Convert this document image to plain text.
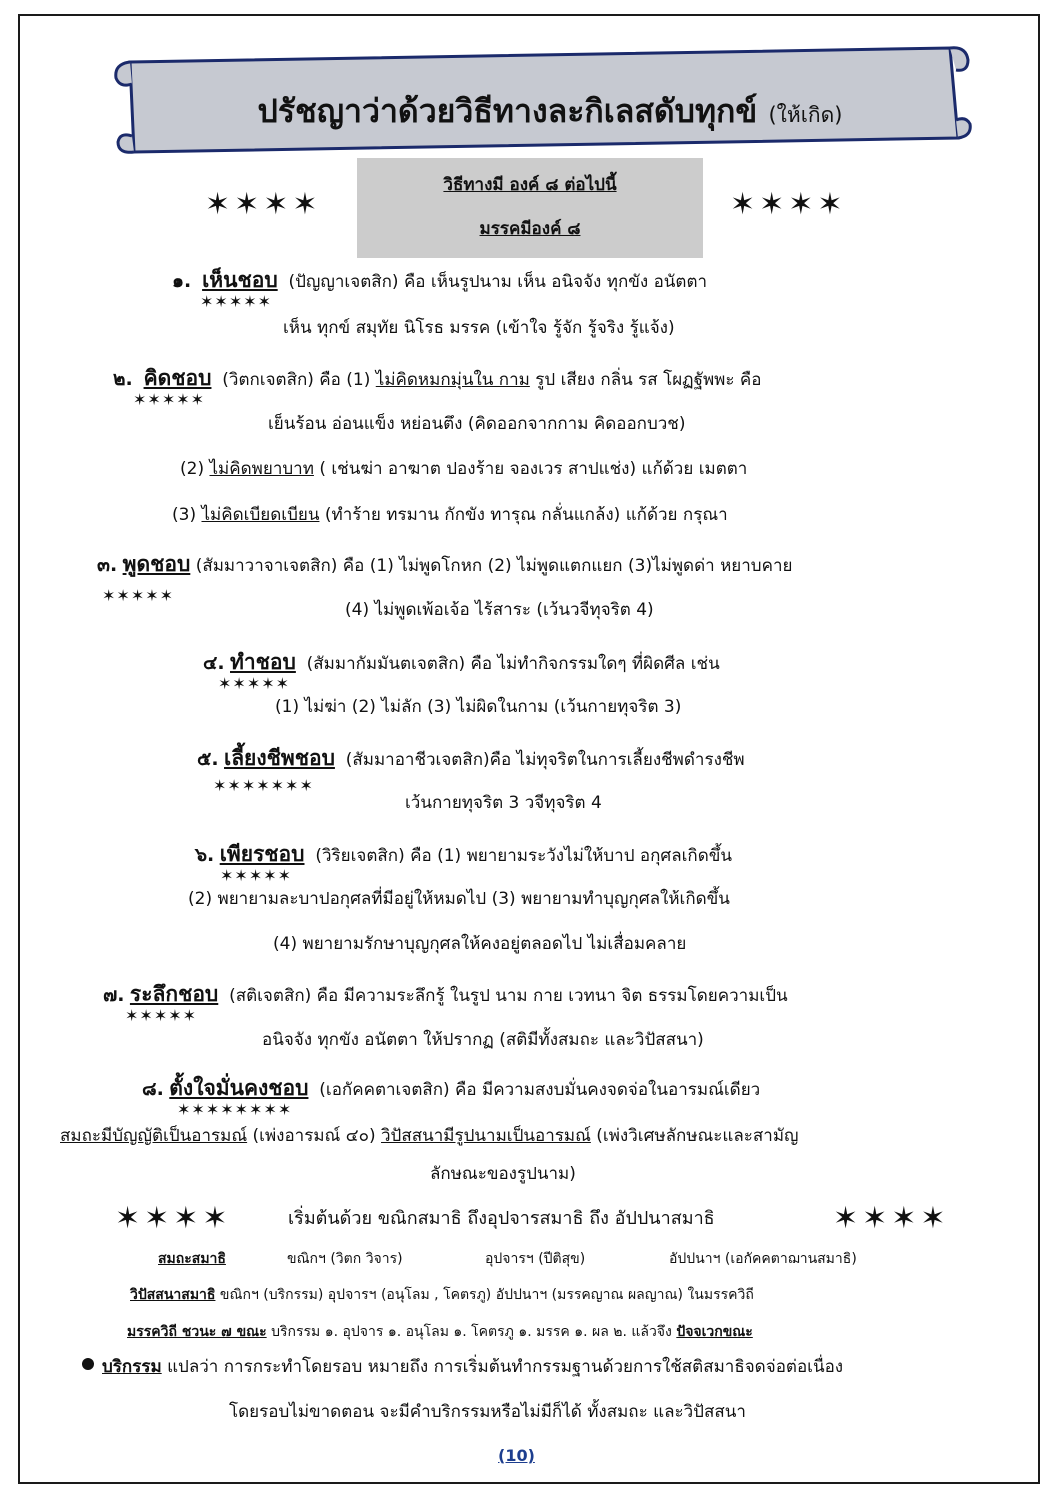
ปรัชญาว่าด้วยวิธีทางละกิเลสดับทุกข์ (ให้เกิด)
✶✶✶✶
วิธีทางมี องค์ ๘ ต่อไปนี้
มรรคมีองค์ ๘
✶✶✶✶
๑. เห็นชอบ (ปัญญาเจตสิก) คือ เห็นรูปนาม เห็น อนิจจัง ทุกขัง อนัตตา
✶✶✶✶✶
เห็น ทุกข์ สมุทัย นิโรธ มรรค (เข้าใจ รู้จัก รู้จริง รู้แจ้ง)
๒. คิดชอบ (วิตกเจตสิก) คือ (1) ไม่คิดหมกมุ่นใน กาม รูป เสียง กลิ่น รส โผฏฐัพพะ คือ
✶✶✶✶✶
เย็นร้อน อ่อนแข็ง หย่อนตึง (คิดออกจากกาม คิดออกบวช)
(2) ไม่คิดพยาบาท ( เช่นฆ่า อาฆาต ปองร้าย จองเวร สาปแช่ง) แก้ด้วย เมตตา
(3) ไม่คิดเบียดเบียน (ทำร้าย ทรมาน กักขัง ทารุณ กลั่นแกล้ง) แก้ด้วย กรุณา
๓. พูดชอบ (สัมมาวาจาเจตสิก) คือ (1) ไม่พูดโกหก (2) ไม่พูดแตกแยก (3)ไม่พูดด่า หยาบคาย
✶✶✶✶✶
(4) ไม่พูดเพ้อเจ้อ ไร้สาระ (เว้นวจีทุจริต 4)
๔. ทำชอบ (สัมมากัมมันตเจตสิก) คือ ไม่ทำกิจกรรมใดๆ ที่ผิดศีล เช่น
✶✶✶✶✶
(1) ไม่ฆ่า (2) ไม่ลัก (3) ไม่ผิดในกาม (เว้นกายทุจริต 3)
๕. เลี้ยงชีพชอบ (สัมมาอาชีวเจตสิก)คือ ไม่ทุจริตในการเลี้ยงชีพดำรงชีพ
✶✶✶✶✶✶✶
เว้นกายทุจริต 3 วจีทุจริต 4
๖. เพียรชอบ (วิริยเจตสิก) คือ (1) พยายามระวังไม่ให้บาป อกุศลเกิดขึ้น
✶✶✶✶✶
(2) พยายามละบาปอกุศลที่มีอยู่ให้หมดไป (3) พยายามทำบุญกุศลให้เกิดขึ้น
(4) พยายามรักษาบุญกุศลให้คงอยู่ตลอดไป ไม่เสื่อมคลาย
๗. ระลึกชอบ (สติเจตสิก) คือ มีความระลึกรู้ ในรูป นาม กาย เวทนา จิต ธรรมโดยความเป็น
✶✶✶✶✶
อนิจจัง ทุกขัง อนัตตา ให้ปรากฏ (สติมีทั้งสมถะ และวิปัสสนา)
๘. ตั้งใจมั่นคงชอบ (เอกัคคตาเจตสิก) คือ มีความสงบมั่นคงจดจ่อในอารมณ์เดียว
✶✶✶✶✶✶✶✶
สมถะมีบัญญัติเป็นอารมณ์ (เพ่งอารมณ์ ๔๐) วิปัสสนามีรูปนามเป็นอารมณ์ (เพ่งวิเศษลักษณะและสามัญ
ลักษณะของรูปนาม)
✶✶✶✶	เริ่มต้นด้วย ขณิกสมาธิ ถึงอุปจารสมาธิ ถึง อัปปนาสมาธิ	✶✶✶✶
สมถะสมาธิ	ขณิกฯ (วิตก วิจาร)	อุปจารฯ (ปีติสุข)	อัปปนาฯ (เอกัคคตาฌานสมาธิ)
วิปัสสนาสมาธิ ขณิกฯ (บริกรรม) อุปจารฯ (อนุโลม , โคตรภู) อัปปนาฯ (มรรคญาณ ผลญาณ) ในมรรควิถี
มรรควิถี ชวนะ ๗ ขณะ บริกรรม ๑. อุปจาร ๑. อนุโลม ๑. โคตรภู ๑. มรรค ๑. ผล ๒. แล้วจึง ปัจจเวกขณะ
บริกรรม แปลว่า การกระทำโดยรอบ หมายถึง การเริ่มต้นทำกรรมฐานด้วยการใช้สติสมาธิจดจ่อต่อเนื่อง
โดยรอบไม่ขาดตอน จะมีคำบริกรรมหรือไม่มีก็ได้ ทั้งสมถะ และวิปัสสนา
(10)
